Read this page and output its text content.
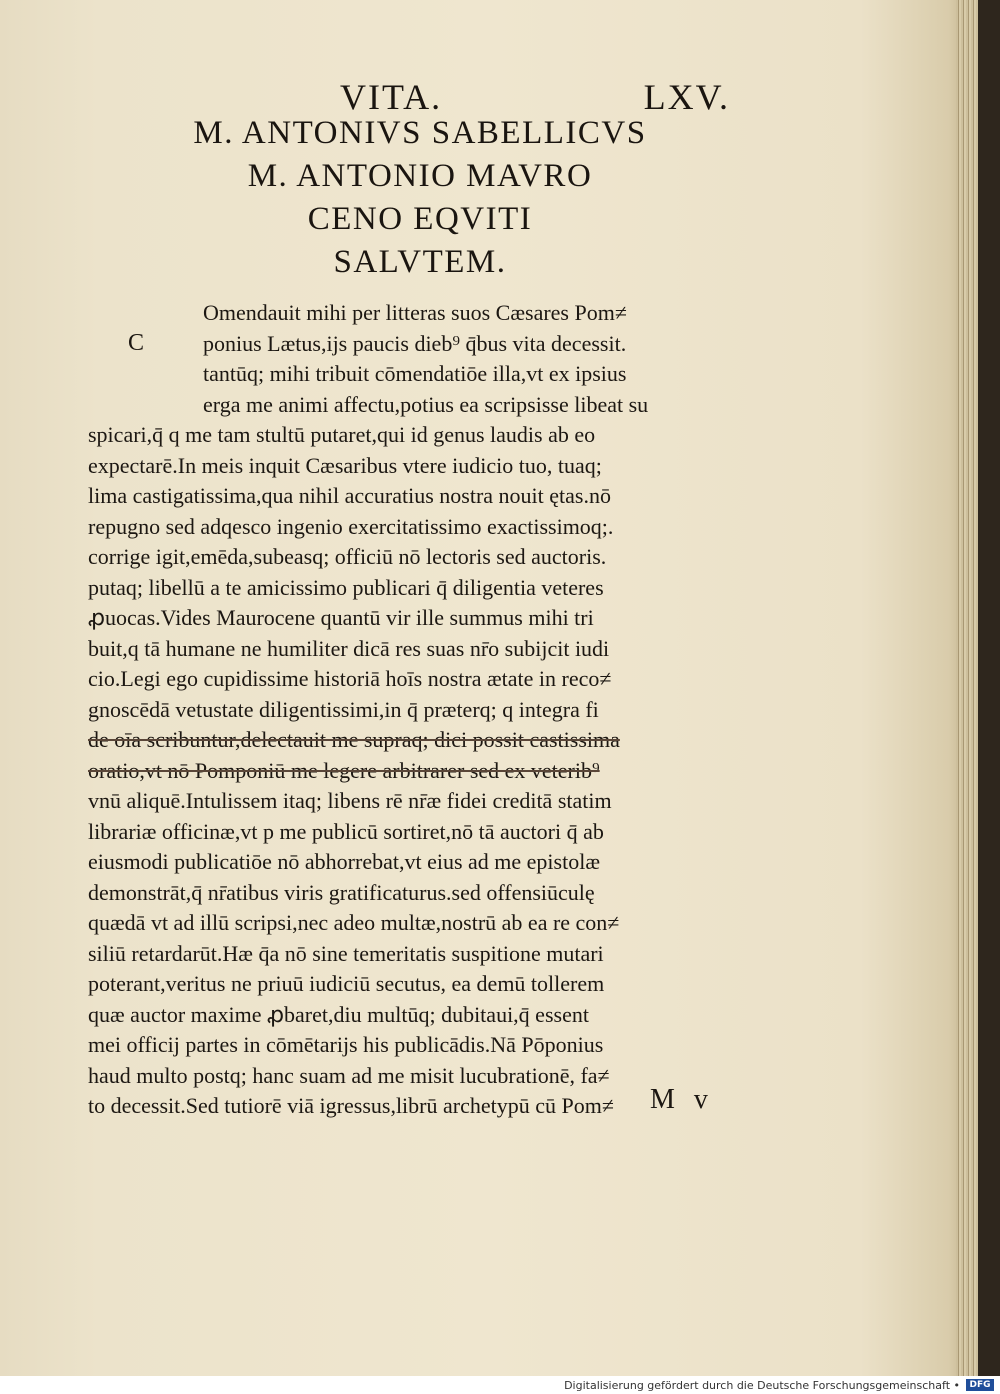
VITA.	LXV.
M. ANTONIVS SABELLICVS
M. ANTONIO MAVRO
CENO EQVITI
SALVTEM.
C
Omendauit mihi per litteras suos Cæsares Pom≠
ponius Lætus,ijs paucis dieb⁹ q̄bus vita decessit.
tantūq; mihi tribuit cōmendatiōe illa,vt ex ipsius
erga me animi affectu,potius ea scripsisse libeat su
spicari,q̄ q me tam stultū putaret,qui id genus laudis ab eo
expectarē.In meis inquit Cæsaribus vtere iudicio tuo, tuaq;
lima castigatissima,qua nihil accuratius nostra nouit ętas.nō
repugno sed adqesco ingenio exercitatissimo exactissimoq;.
corrige igit,emēda,subeasq; officiū nō lectoris sed auctoris.
putaq; libellū a te amicissimo publicari q̄ diligentia veteres
ꝓuocas.Vides Maurocene quantū vir ille summus mihi tri
buit,q tā humane ne humiliter dicā res suas nr̄o subijcit iudi
cio.Legi ego cupidissime historiā hoīs nostra ætate in reco≠
gnoscēdā vetustate diligentissimi,in q̄ præterq; q integra fi
de oīa scribuntur,delectauit me supraq; dici possit castissima
oratio,vt nō Pomponiū me legere arbitrarer sed ex veterib⁹
vnū aliquē.Intulissem itaq; libens rē nr̄æ fidei creditā statim
librariæ officinæ,vt p me publicū sortiret,nō tā auctori q̄ ab
eiusmodi publicatiōe nō abhorrebat,vt eius ad me epistolæ
demonstrāt,q̄ nr̄atibus viris gratificaturus.sed offensiūculę
quædā vt ad illū scripsi,nec adeo multæ,nostrū ab ea re con≠
siliū retardarūt.Hæ q̄a nō sine temeritatis suspitione mutari
poterant,veritus ne priuū iudiciū secutus, ea demū tollerem
quæ auctor maxime ꝓbaret,diu multūq; dubitaui,q̄ essent
mei officij partes in cōmētarijs his publicādis.Nā Pōponius
haud multo postq; hanc suam ad me misit lucubrationē, fa≠
to decessit.Sed tutiorē viā igressus,librū archetypū cū Pom≠	M v
Digitalisierung gefördert durch die Deutsche Forschungsgemeinschaft •	DFG
